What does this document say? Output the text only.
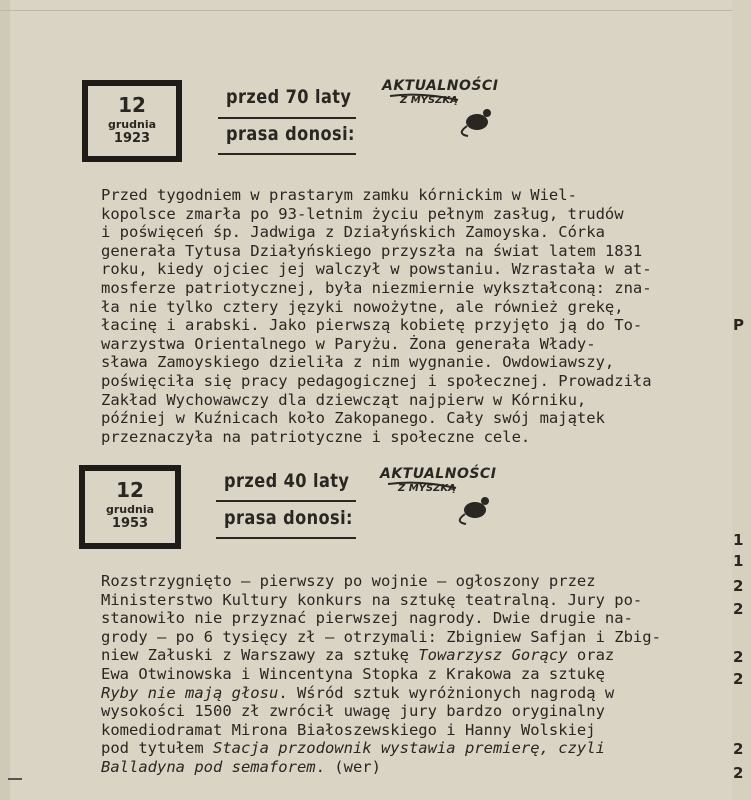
12
grudnia
1923
przed 70 laty
prasa donosi:
AKTUALNOŚCI
Z MYSZKĄ
Przed tygodniem w prastarym zamku kórnickim w Wiel-
kopolsce zmarła po 93-letnim życiu pełnym zasług, trudów
i poświęceń śp. Jadwiga z Działyńskich Zamoyska. Córka
generała Tytusa Działyńskiego przyszła na świat latem 1831
roku, kiedy ojciec jej walczył w powstaniu. Wzrastała w at-
mosferze patriotycznej, była niezmiernie wykształconą: zna-
ła nie tylko cztery języki nowożytne, ale również grekę,
łacinę i arabski. Jako pierwszą kobietę przyjęto ją do To-
warzystwa Orientalnego w Paryżu. Żona generała Włady-
sława Zamoyskiego dzieliła z nim wygnanie. Owdowiawszy,
poświęciła się pracy pedagogicznej i społecznej. Prowadziła
Zakład Wychowawczy dla dziewcząt najpierw w Kórniku,
później w Kuźnicach koło Zakopanego. Cały swój majątek
przeznaczyła na patriotyczne i społeczne cele.
12
grudnia
1953
przed 40 laty
prasa donosi:
AKTUALNOŚCI
Z MYSZKĄ
Rozstrzygnięto — pierwszy po wojnie — ogłoszony przez
Ministerstwo Kultury konkurs na sztukę teatralną. Jury po-
stanowiło nie przyznać pierwszej nagrody. Dwie drugie na-
grody — po 6 tysięcy zł — otrzymali: Zbigniew Safjan i Zbig-
niew Załuski z Warszawy za sztukę Towarzysz Gorący oraz
Ewa Otwinowska i Wincentyna Stopka z Krakowa za sztukę
Ryby nie mają głosu. Wśród sztuk wyróżnionych nagrodą w
wysokości 1500 zł zwrócił uwagę jury bardzo oryginalny
komediodramat Mirona Białoszewskiego i Hanny Wolskiej
pod tytułem Stacja przodownik wystawia premierę, czyli
Balladyna pod semaforem. (wer)
P
1
1
2
2
2
2
2
2
